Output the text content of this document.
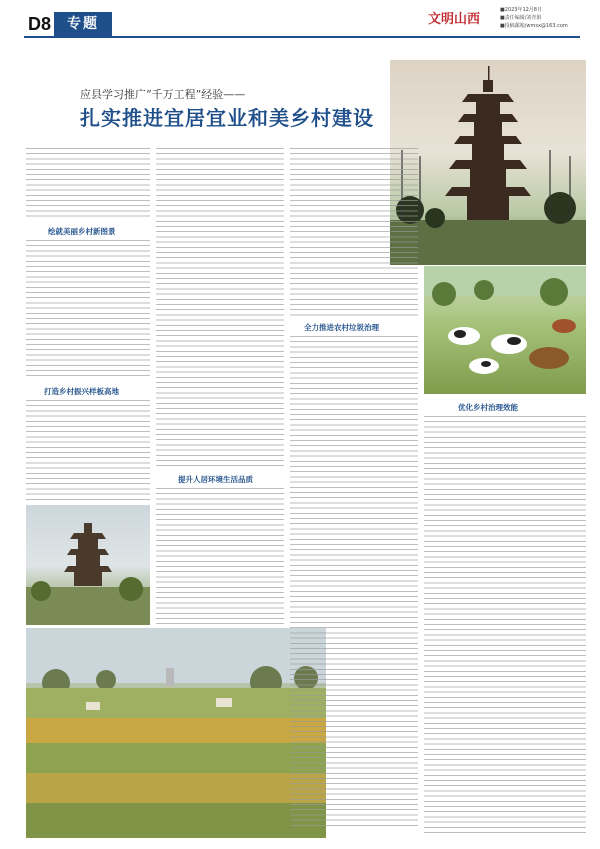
D8	专题	文明山西
■2023年12月8日
■责任编辑/刘青娟
■投稿邮箱/wmsx@163.com
应县学习推广“千万工程”经验——
扎实推进宜居宜业和美乡村建设
绘就美丽乡村新图景
打造乡村振兴样板高地
提升人居环境生活品质
全力推进农村垃圾治理
优化乡村治理效能
